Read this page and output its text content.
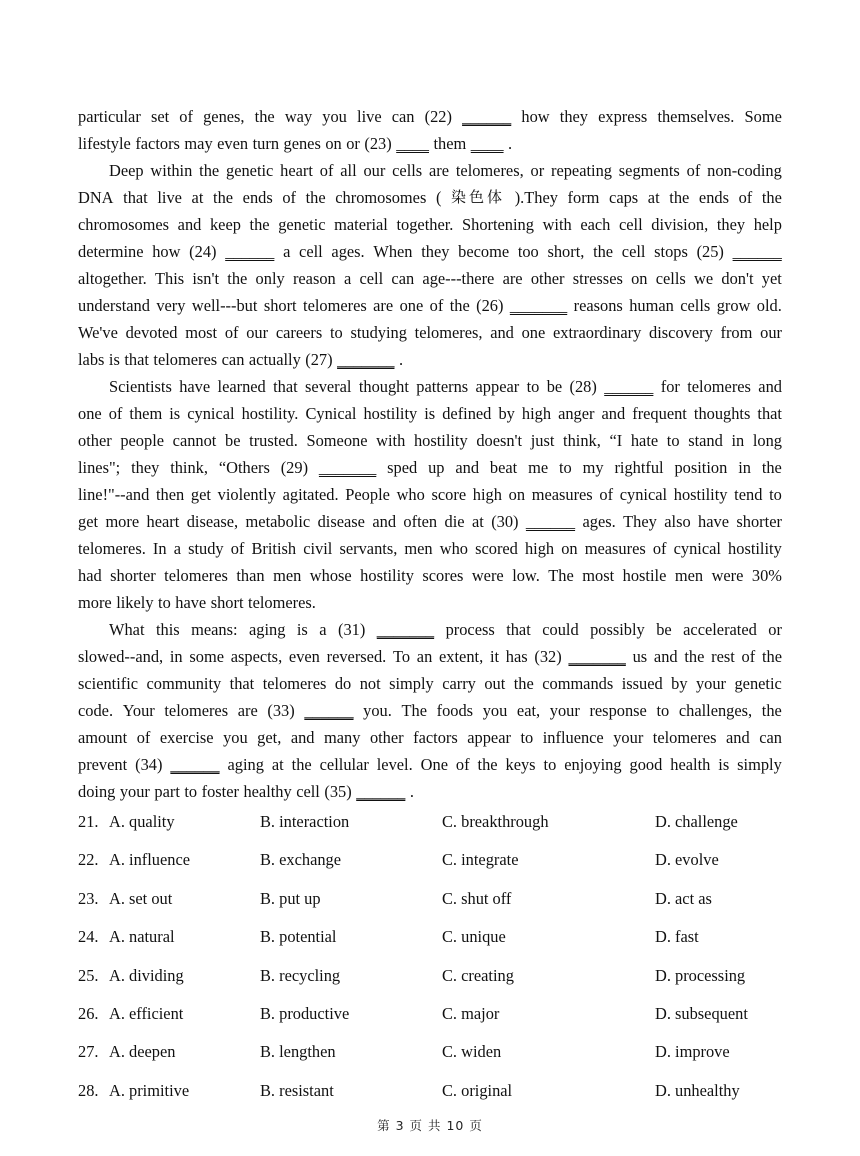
particular set of genes, the way you live can (22) ______ how they express themselves. Some
lifestyle factors may even turn genes on or (23) ____ them ____ .
Deep within the genetic heart of all our cells are telomeres, or repeating segments of non-coding
DNA that live at the ends of the chromosomes ( 染色体 ).They form caps at the ends of the
chromosomes and keep the genetic material together. Shortening with each cell division, they help
determine how (24) ______ a cell ages. When they become too short, the cell stops (25) ______
altogether. This isn't the only reason a cell can age---there are other stresses on cells we don't yet
understand very well---but short telomeres are one of the (26) _______ reasons human cells grow old.
We've devoted most of our careers to studying telomeres, and one extraordinary discovery from our
labs is that telomeres can actually (27) _______ .
Scientists have learned that several thought patterns appear to be (28) ______ for telomeres and
one of them is cynical hostility. Cynical hostility is defined by high anger and frequent thoughts that
other people cannot be trusted. Someone with hostility doesn't just think, “I hate to stand in long
lines"; they think, “Others (29) _______ sped up and beat me to my rightful position in the
line!"--and then get violently agitated. People who score high on measures of cynical hostility tend to
get more heart disease, metabolic disease and often die at (30) ______ ages. They also have shorter
telomeres. In a study of British civil servants, men who scored high on measures of cynical hostility
had shorter telomeres than men whose hostility scores were low. The most hostile men were 30%
more likely to have short telomeres.
What this means: aging is a (31) _______ process that could possibly be accelerated or
slowed--and, in some aspects, even reversed. To an extent, it has (32) _______ us and the rest of the
scientific community that telomeres do not simply carry out the commands issued by your genetic
code. Your telomeres are (33) ______ you. The foods you eat, your response to challenges, the
amount of exercise you get, and many other factors appear to influence your telomeres and can
prevent (34) ______ aging at the cellular level. One of the keys to enjoying good health is simply
doing your part to foster healthy cell (35) ______ .
21. A. quality	B. interaction	C. breakthrough	D. challenge
22. A. influence	B. exchange	C. integrate	D. evolve
23. A. set out	B. put up	C. shut off	D. act as
24. A. natural	B. potential	C. unique	D. fast
25. A. dividing	B. recycling	C. creating	D. processing
26. A. efficient	B. productive	C. major	D. subsequent
27. A. deepen	B. lengthen	C. widen	D. improve
28. A. primitive	B. resistant	C. original	D. unhealthy
第 3 页 共 10 页
